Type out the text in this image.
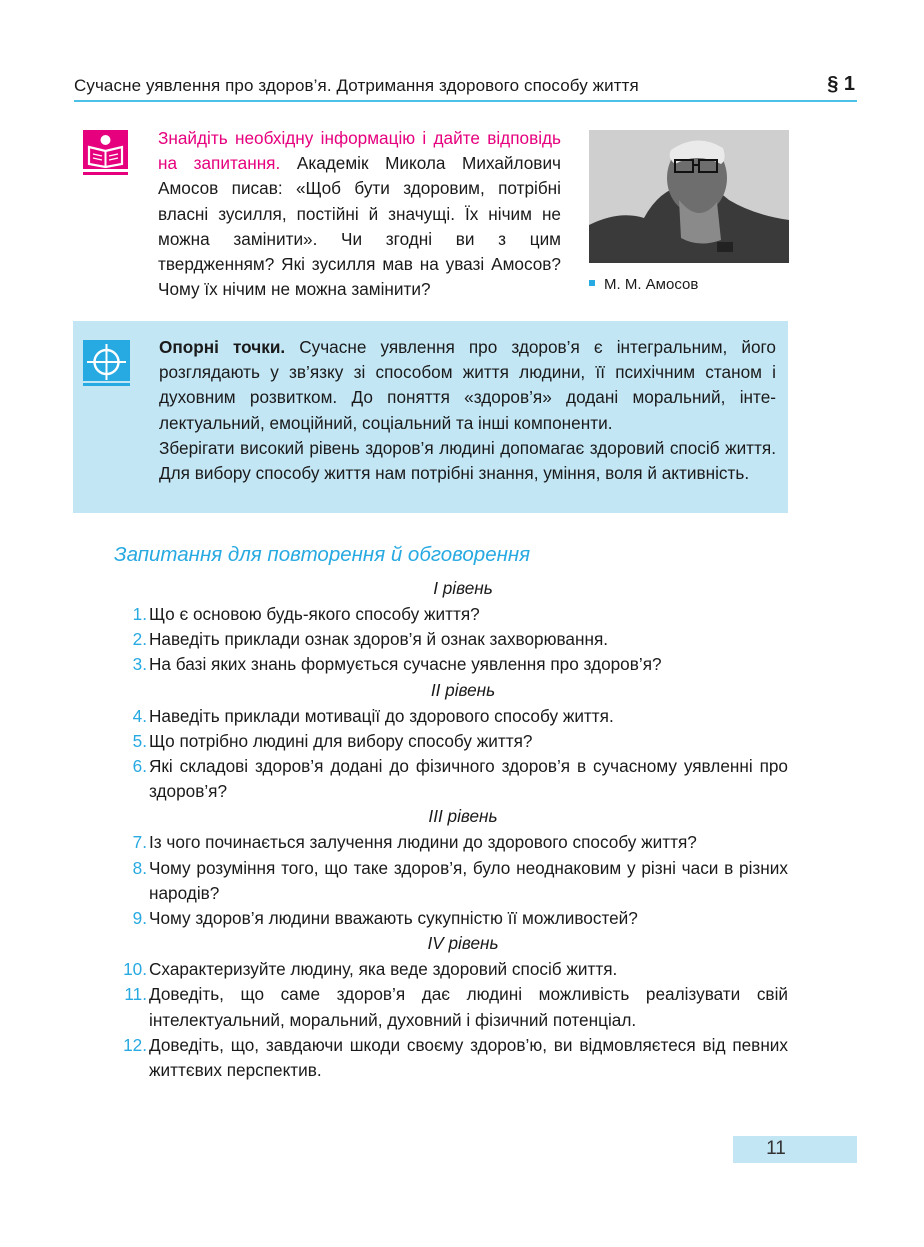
Сучасне уявлення про здоров’я. Дотримання здорового способу життя	§ 1
Знайдіть необхідну інформацію і дайте відповідь на запитання. Академік Микола Михайлович Амосов писав: «Щоб бути здоровим, потрібні власні зусилля, постійні й значущі. Їх нічим не можна замінити». Чи згодні ви з цим твердженням? Які зусилля мав на увазі Амосов? Чому їх нічим не можна замінити?	М. М. Амосов

Опорні точки. Сучасне уявлення про здоров’я є інтегральним, його розглядають у зв’язку зі способом життя людини, її психічним станом і духовним розвитком. До поняття «здоров’я» додані моральний, інтелектуальний, емоційний, соціальний та інші компоненти.

Зберігати високий рівень здоров’я людині допомагає здоровий спосіб життя. Для вибору способу життя нам потрібні знання, уміння, воля й активність.

Запитання для повторення й обговорення
I рівень
1. Що є основою будь-якого способу життя?
2. Наведіть приклади ознак здоров’я й ознак захворювання.
3. На базі яких знань формується сучасне уявлення про здоров’я?
II рівень
4. Наведіть приклади мотивації до здорового способу життя.
5. Що потрібно людині для вибору способу життя?
6. Які складові здоров’я додані до фізичного здоров’я в сучасному уявленні про здоров’я?
III рівень
7. Із чого починається залучення людини до здорового способу життя?
8. Чому розуміння того, що таке здоров’я, було неоднаковим у різні часи в різних народів?
9. Чому здоров’я людини вважають сукупністю її можливостей?
IV рівень
10. Схарактеризуйте людину, яка веде здоровий спосіб життя.
11. Доведіть, що саме здоров’я дає людині можливість реалізувати свій інтелектуальний, моральний, духовний і фізичний потенціал.
12. Доведіть, що, завдаючи шкоди своєму здоров’ю, ви відмовляєтеся від певних життєвих перспектив.
11
